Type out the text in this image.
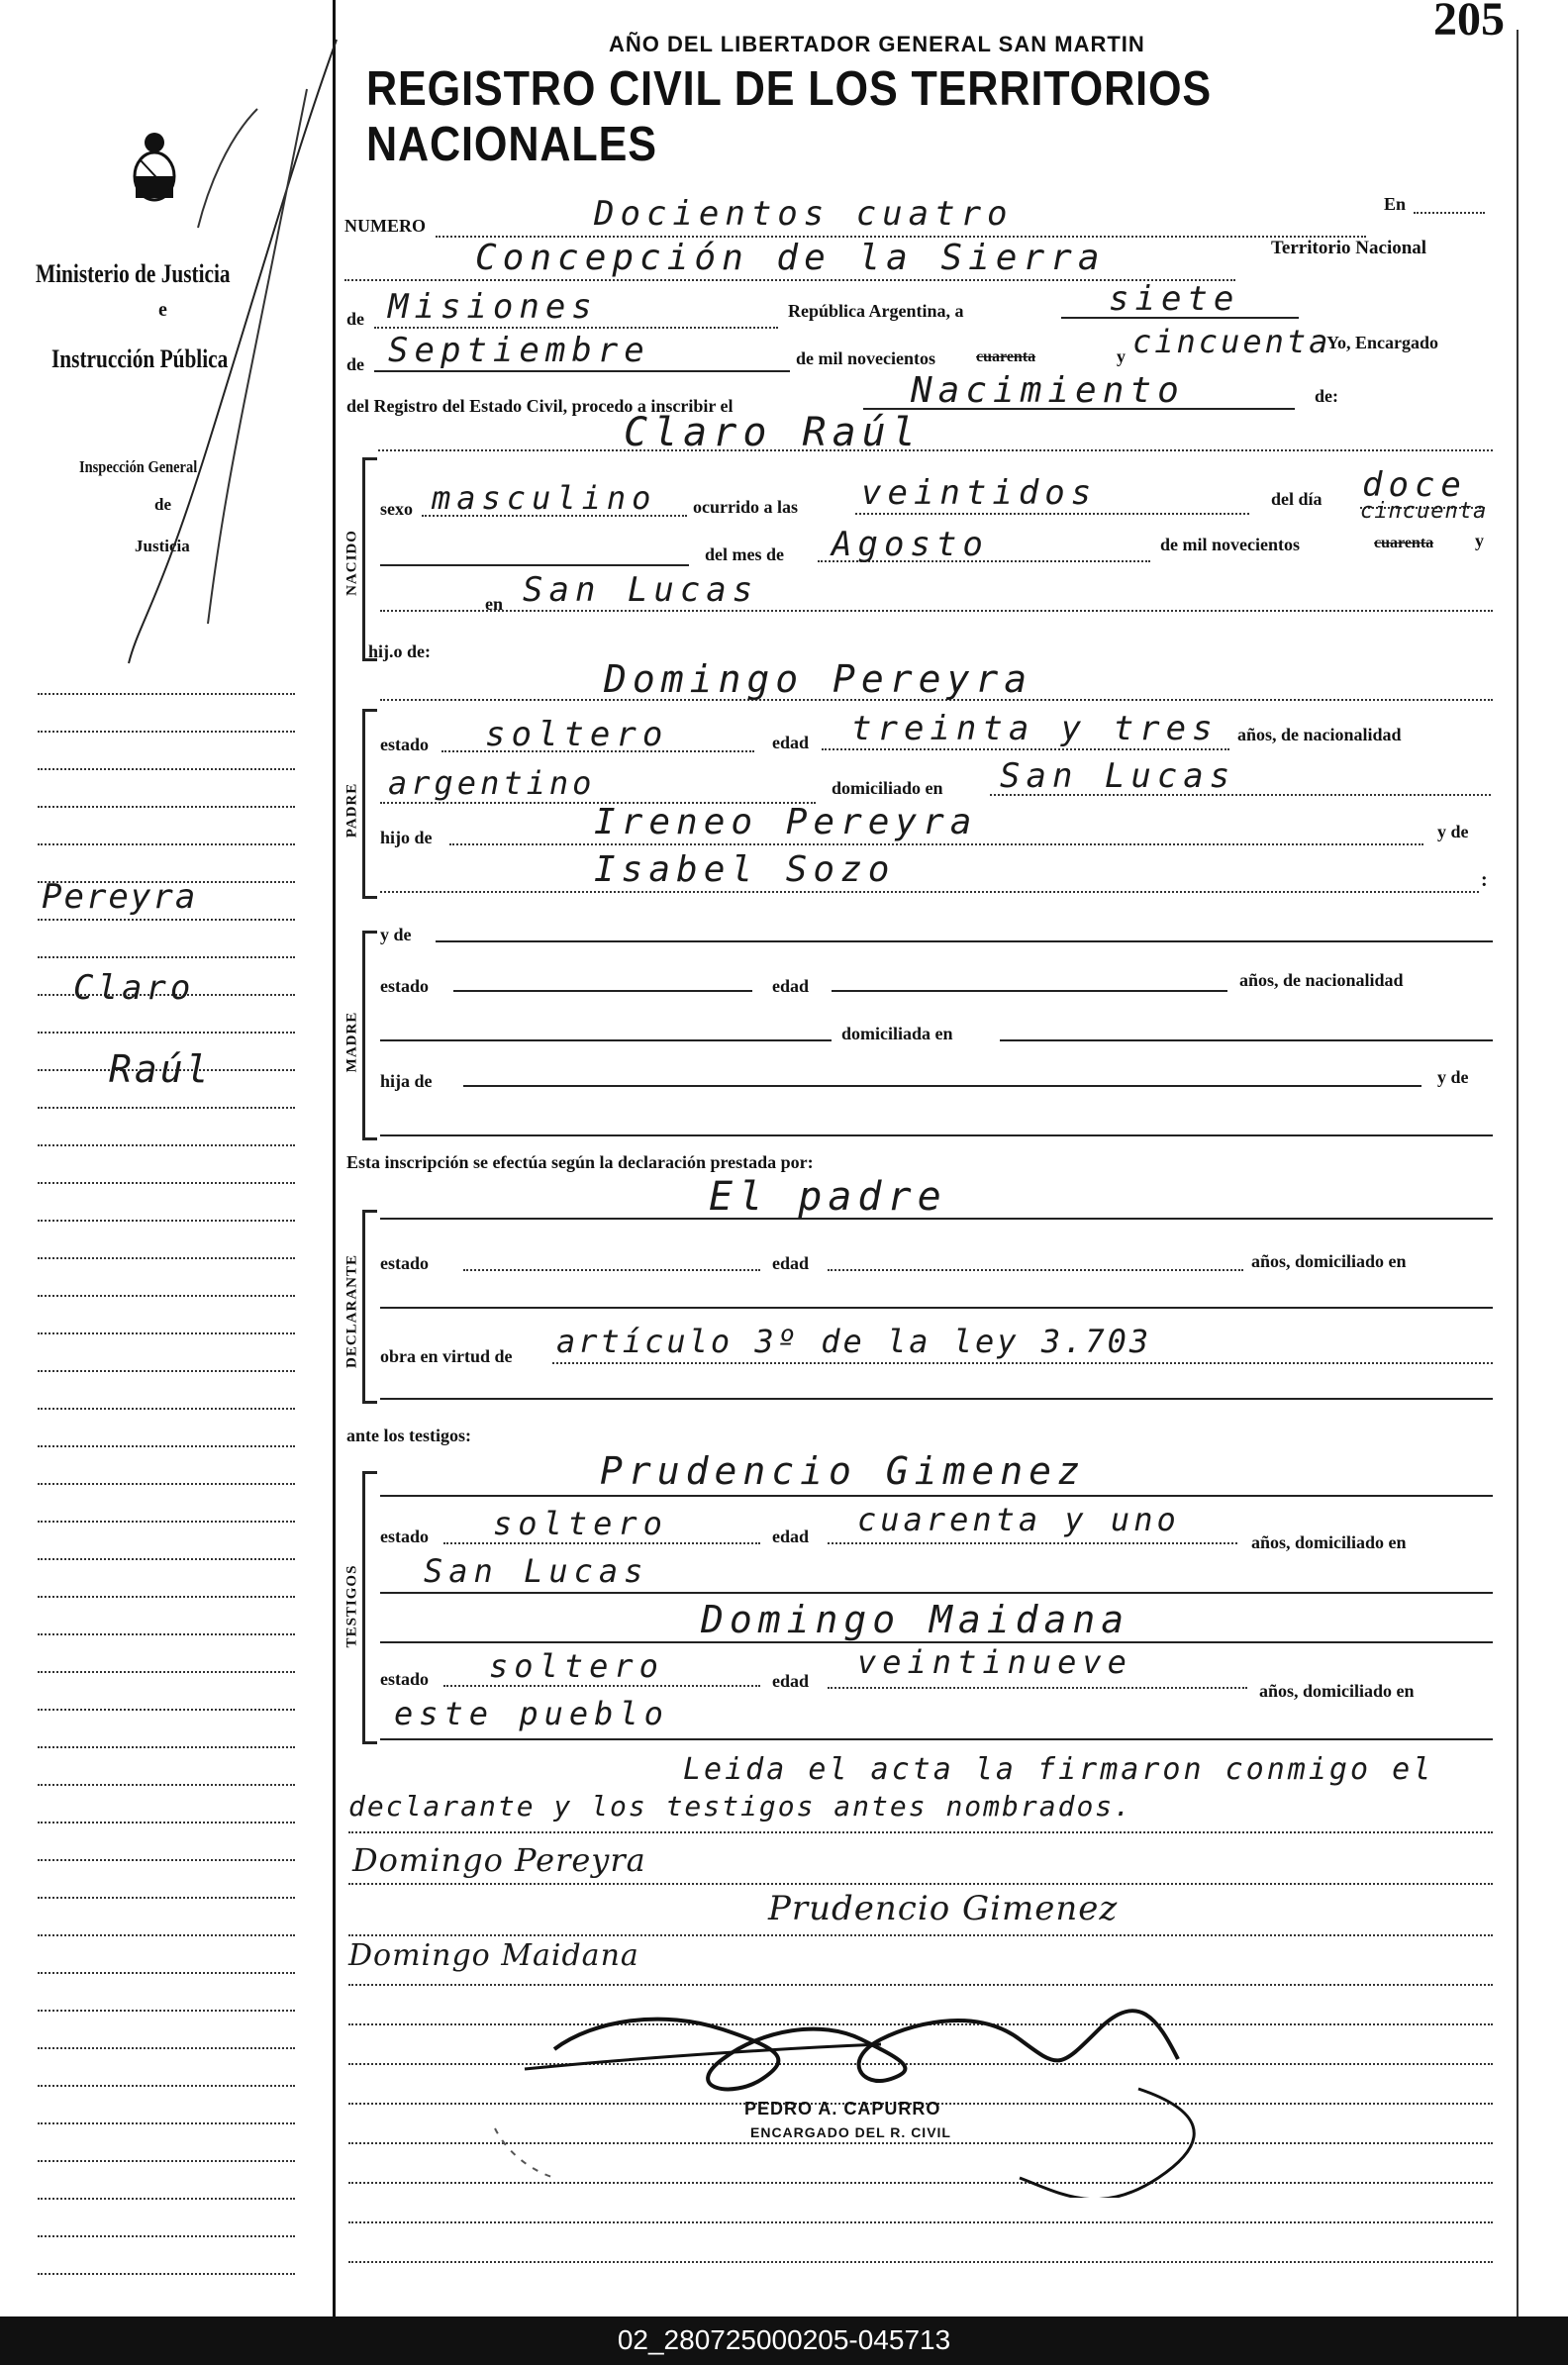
205
AÑO DEL LIBERTADOR GENERAL SAN MARTIN
REGISTRO CIVIL DE LOS TERRITORIOS NACIONALES
Ministerio de Justicia
e
Instrucción Pública
Inspección General
de
Justicia
Pereyra
Claro
Raúl
NUMERO	Docientos cuatro	En
Concepción de la Sierra	Territorio Nacional
de Misiones	República Argentina, a	siete
de Septiembre	de mil novecientos	cuarenta	y cincuenta
Yo, Encargado
del Registro del Estado Civil, procedo a inscribir el	Nacimiento	de:
NACIDO
Claro Raúl
sexo masculino ocurrido a las veintidos	del día doce
del mes de Agosto	de mil novecientos	cuarenta y
cincuenta
en San Lucas
hij.o de:
Domingo Pereyra
PADRE
estado soltero	edad treinta y tres años, de nacionalidad
argentino	domiciliado en San Lucas
hijo de	Ireneo Pereyra	y de
Isabel Sozo	:
y de
MADRE
estado	edad	años, de nacionalidad
domiciliada en
hija de	y de
Esta inscripción se efectúa según la declaración prestada por:
El padre
DECLARANTE estado	edad	años, domiciliado en
obra en virtud de artículo 3º de la ley 3.703
ante los testigos:
Prudencio Gimenez
TESTIGOS
estado soltero	edad cuarenta y uno
años, domiciliado en
San Lucas
Domingo Maidana
estado soltero	edad veintinueve
años, domiciliado en
este pueblo
Leida el acta la firmaron conmigo el
declarante y los testigos antes nombrados.
Domingo Pereyra
Prudencio Gimenez
Domingo Maidana
PEDRO A. CAPURRO
ENCARGADO DEL R. CIVIL
02_280725000205-045713
